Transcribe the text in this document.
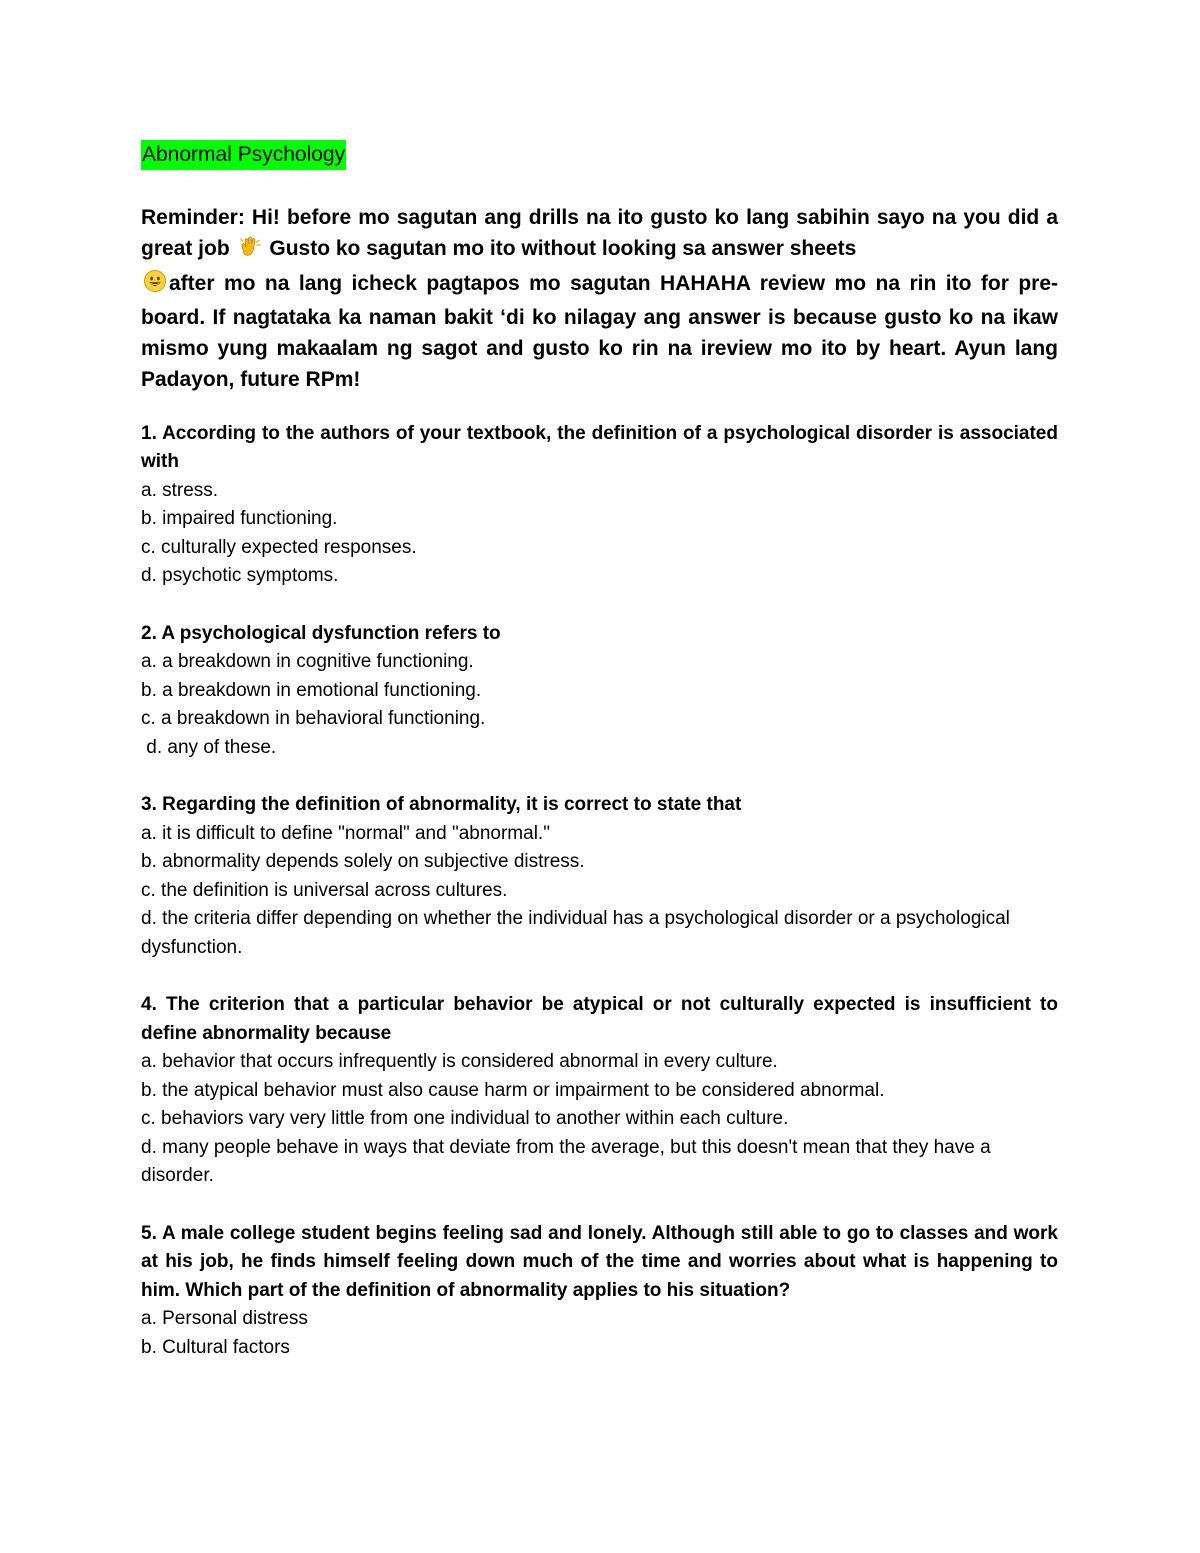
Abnormal Psychology
Reminder: Hi! before mo sagutan ang drills na ito gusto ko lang sabihin sayo na you did a great job Gusto ko sagutan mo ito without looking sa answer sheets
after mo na lang icheck pagtapos mo sagutan HAHAHA review mo na rin ito for pre-board. If nagtataka ka naman bakit ‘di ko nilagay ang answer is because gusto ko na ikaw mismo yung makaalam ng sagot and gusto ko rin na ireview mo ito by heart. Ayun lang Padayon, future RPm!
1. According to the authors of your textbook, the definition of a psychological disorder is associated with
a. stress.
b. impaired functioning.
c. culturally expected responses.
d. psychotic symptoms.
2. A psychological dysfunction refers to
a. a breakdown in cognitive functioning.
b. a breakdown in emotional functioning.
c. a breakdown in behavioral functioning.
d. any of these.
3. Regarding the definition of abnormality, it is correct to state that
a. it is difficult to define "normal" and "abnormal."
b. abnormality depends solely on subjective distress.
c. the definition is universal across cultures.
d. the criteria differ depending on whether the individual has a psychological disorder or a psychological dysfunction.
4. The criterion that a particular behavior be atypical or not culturally expected is insufficient to define abnormality because
a. behavior that occurs infrequently is considered abnormal in every culture.
b. the atypical behavior must also cause harm or impairment to be considered abnormal.
c. behaviors vary very little from one individual to another within each culture.
d. many people behave in ways that deviate from the average, but this doesn't mean that they have a disorder.
5. A male college student begins feeling sad and lonely. Although still able to go to classes and work at his job, he finds himself feeling down much of the time and worries about what is happening to him. Which part of the definition of abnormality applies to his situation?
a. Personal distress
b. Cultural factors
